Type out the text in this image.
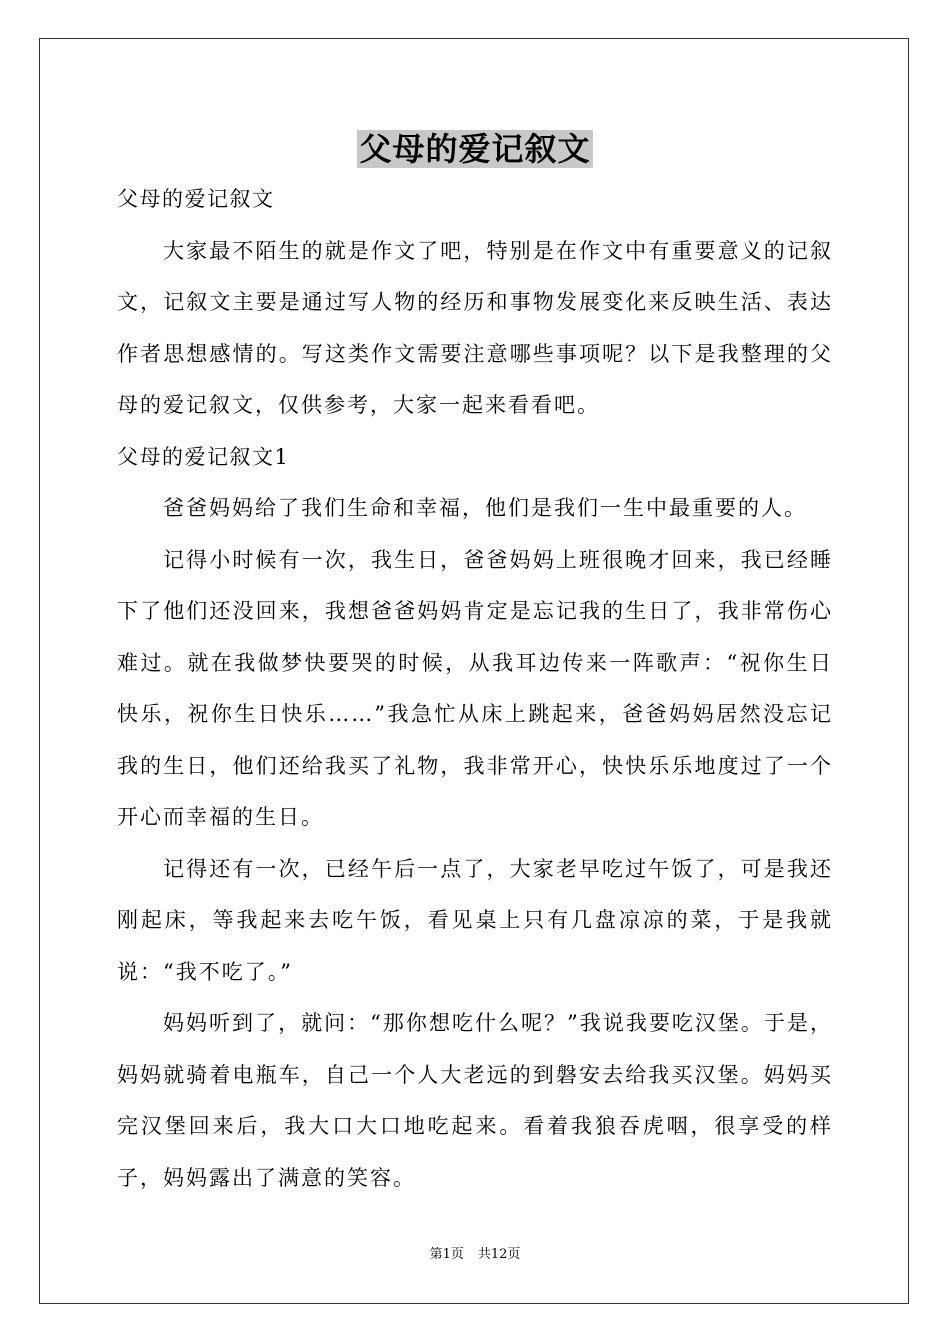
父母的爱记叙文

父母的爱记叙文

大家最不陌生的就是作文了吧，特别是在作文中有重要意义的记叙文，记叙文主要是通过写人物的经历和事物发展变化来反映生活、表达作者思想感情的。写这类作文需要注意哪些事项呢？以下是我整理的父母的爱记叙文，仅供参考，大家一起来看看吧。

父母的爱记叙文1

爸爸妈妈给了我们生命和幸福，他们是我们一生中最重要的人。

记得小时候有一次，我生日，爸爸妈妈上班很晚才回来，我已经睡下了他们还没回来，我想爸爸妈妈肯定是忘记我的生日了，我非常伤心难过。就在我做梦快要哭的时候，从我耳边传来一阵歌声：“祝你生日快乐，祝你生日快乐……”我急忙从床上跳起来，爸爸妈妈居然没忘记我的生日，他们还给我买了礼物，我非常开心，快快乐乐地度过了一个开心而幸福的生日。

记得还有一次，已经午后一点了，大家老早吃过午饭了，可是我还刚起床，等我起来去吃午饭，看见桌上只有几盘凉凉的菜，于是我就说：“我不吃了。”

妈妈听到了，就问：“那你想吃什么呢？”我说我要吃汉堡。于是，妈妈就骑着电瓶车，自己一个人大老远的到磐安去给我买汉堡。妈妈买完汉堡回来后，我大口大口地吃起来。看着我狼吞虎咽，很享受的样子，妈妈露出了满意的笑容。

第1页 共12页
